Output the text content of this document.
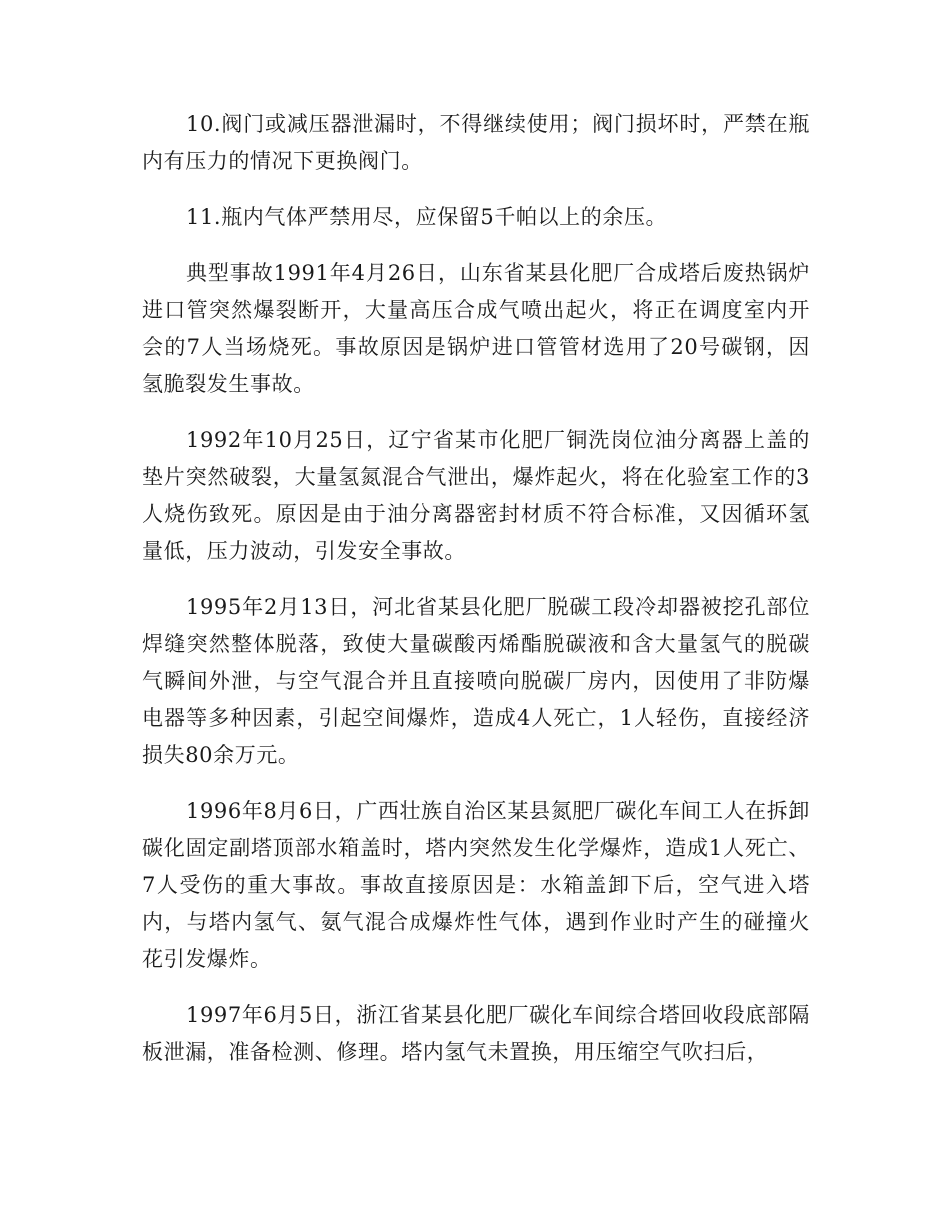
10.阀门或减压器泄漏时，不得继续使用；阀门损坏时，严禁在瓶内有压力的情况下更换阀门。

11.瓶内气体严禁用尽，应保留5千帕以上的余压。

典型事故1991年4月26日，山东省某县化肥厂合成塔后废热锅炉进口管突然爆裂断开，大量高压合成气喷出起火，将正在调度室内开会的7人当场烧死。事故原因是锅炉进口管管材选用了20号碳钢，因氢脆裂发生事故。

1992年10月25日，辽宁省某市化肥厂铜洗岗位油分离器上盖的垫片突然破裂，大量氢氮混合气泄出，爆炸起火，将在化验室工作的3人烧伤致死。原因是由于油分离器密封材质不符合标准，又因循环氢量低，压力波动，引发安全事故。

1995年2月13日，河北省某县化肥厂脱碳工段冷却器被挖孔部位焊缝突然整体脱落，致使大量碳酸丙烯酯脱碳液和含大量氢气的脱碳气瞬间外泄，与空气混合并且直接喷向脱碳厂房内，因使用了非防爆电器等多种因素，引起空间爆炸，造成4人死亡，1人轻伤，直接经济损失80余万元。

1996年8月6日，广西壮族自治区某县氮肥厂碳化车间工人在拆卸碳化固定副塔顶部水箱盖时，塔内突然发生化学爆炸，造成1人死亡、7人受伤的重大事故。事故直接原因是：水箱盖卸下后，空气进入塔内，与塔内氢气、氨气混合成爆炸性气体，遇到作业时产生的碰撞火花引发爆炸。

1997年6月5日，浙江省某县化肥厂碳化车间综合塔回收段底部隔板泄漏，准备检测、修理。塔内氢气未置换，用压缩空气吹扫后，
